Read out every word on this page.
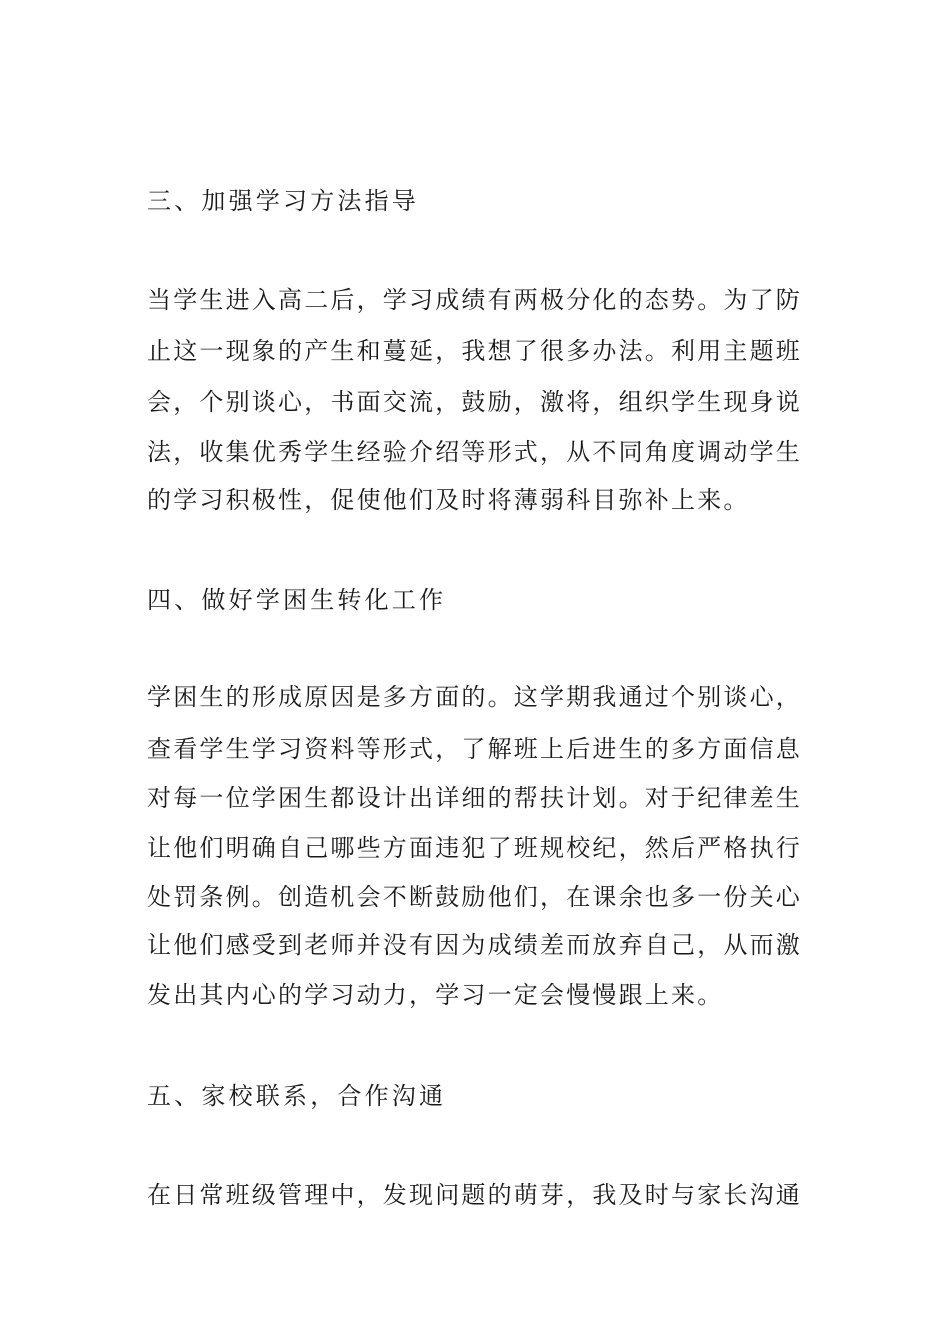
三、加强学习方法指导
当学生进入高二后，学习成绩有两极分化的态势。为了防
止这一现象的产生和蔓延，我想了很多办法。利用主题班
会，个别谈心，书面交流，鼓励，激将，组织学生现身说
法，收集优秀学生经验介绍等形式，从不同角度调动学生
的学习积极性，促使他们及时将薄弱科目弥补上来。
四、做好学困生转化工作
学困生的形成原因是多方面的。这学期我通过个别谈心，
查看学生学习资料等形式，了解班上后进生的多方面信息
对每一位学困生都设计出详细的帮扶计划。对于纪律差生
让他们明确自己哪些方面违犯了班规校纪，然后严格执行
处罚条例。创造机会不断鼓励他们，在课余也多一份关心
让他们感受到老师并没有因为成绩差而放弃自己，从而激
发出其内心的学习动力，学习一定会慢慢跟上来。
五、家校联系，合作沟通
在日常班级管理中，发现问题的萌芽，我及时与家长沟通
